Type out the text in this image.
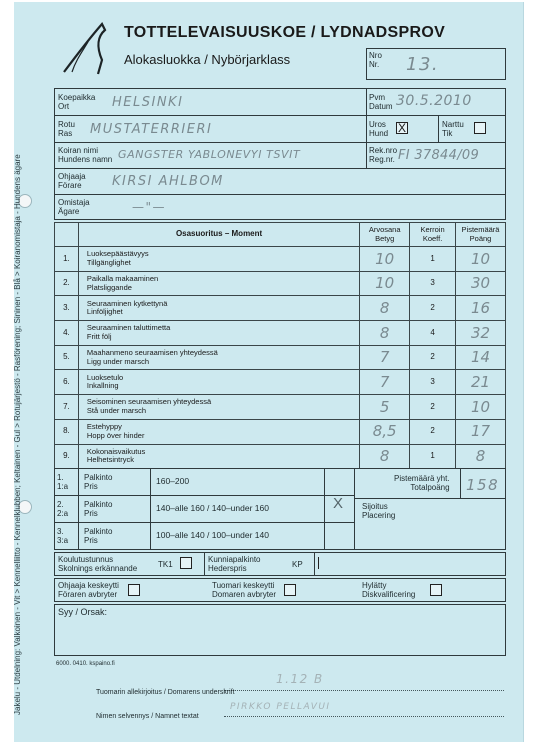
Jakelu - Utdelning: Valkoinen - Vit > Kennelliitto - Kennelklubben; Keltainen - Gul > Rotujärjestö - Rasförening; Sininen - Blå > Koiranomistaja - Hundens ägare
TOTTELEVAISUUSKOE / LYDNADSPROV
Alokasluokka / Nybörjarklass	Nro
Nr. 13.
Koepaikka
Ort	HELSINKI	Pvm
Datum 30.5.2010
Rotu
Ras MUSTATERRIERI	Uros
Hund X	Narttu
Tik
Koiran nimi
Hundens namn GANGSTER YABLONEVYI TSVIT	Rek.nro
Reg.nr. FI 37844/09
Ohjaaja
Förare	KIRSI AHLBOM
Omistaja
Ägare	—"—
	Osasuoritus – Moment	Arvosana
Betyg	Kerroin
Koeff.	Pistemäärä
Poäng
1.	Luoksepäästävyys
Tillgänglighet	10	1	10
2.	Paikalla makaaminen
Platsliggande	10	3	30
3.	Seuraaminen kytkettynä
Linföljighet	8	2	16
4.	Seuraaminen taluttimetta
Fritt följ	8	4	32
5.	Maahanmeno seuraamisen yhteydessä
Ligg under marsch	7	2	14
6.	Luoksetulo
Inkallning	7	3	21
7.	Seisominen seuraamisen yhteydessä
Stå under marsch	5	2	10
8.	Estehyppy
Hopp över hinder	8,5	2	17
9.	Kokonaisvaikutus
Helhetsintryck	8	1	8
1.
1:a
Palkinto
Pris
160–200
2.
2:a
Palkinto
Pris
140–alle 160 / 140–under 160	X
3.
3:a
Palkinto
Pris
100–alle 140 / 100–under 140
Pistemäärä yht.
Totalpoäng 158
Sijoitus
Placering
Koulutustunnus
Skolnings erkännande	TK1
Kunniapalkinto
Hederspris	KP
Ohjaaja keskeytti
Föraren avbryter
Tuomari keskeytti
Domaren avbryter
Hylätty
Diskvalificering
Syy / Orsak:
6000. 0410. kspaino.fi
Tuomarin allekirjoitus / Domarens underskrift
1.12 B
Nimen selvennys / Namnet textat
PIRKKO PELLAVUI
